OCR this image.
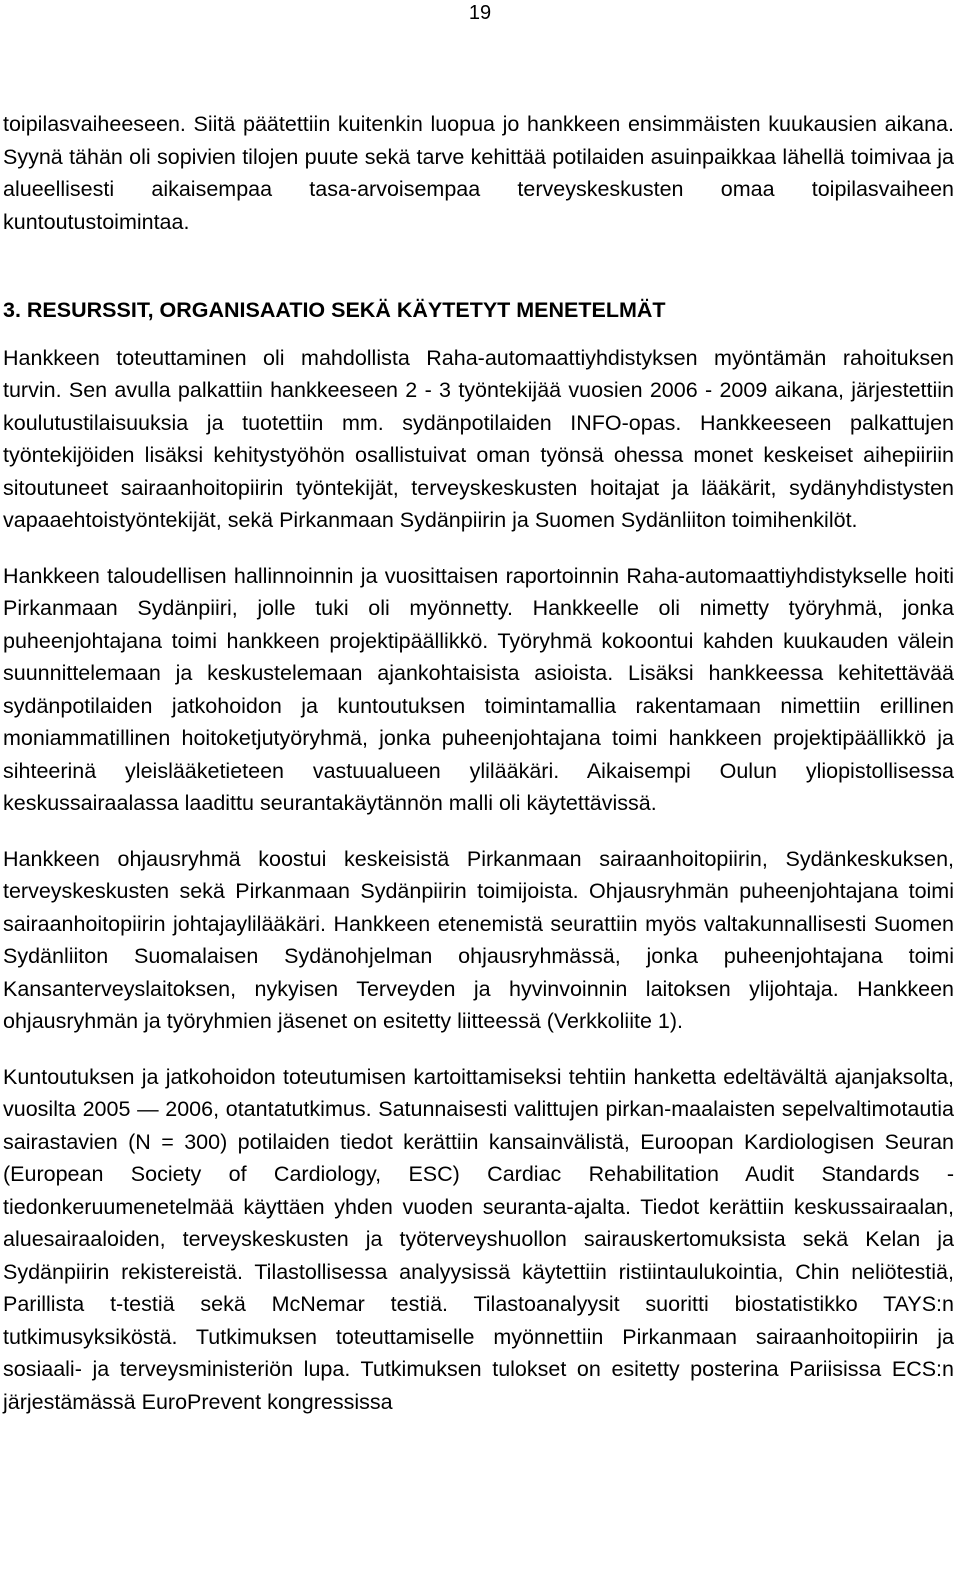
19

toipilasvaiheeseen. Siitä päätettiin kuitenkin luopua jo hankkeen ensimmäisten kuukausien aikana. Syynä tähän oli sopivien tilojen puute sekä tarve kehittää potilaiden asuinpaikkaa lähellä toimivaa ja alueellisesti aikaisempaa tasa-arvoisempaa terveyskeskusten omaa toipilasvaiheen kuntoutustoimintaa.

3. RESURSSIT, ORGANISAATIO SEKÄ KÄYTETYT MENETELMÄT

Hankkeen toteuttaminen oli mahdollista Raha-automaattiyhdistyksen myöntämän rahoituksen turvin. Sen avulla palkattiin hankkeeseen 2 - 3 työntekijää vuosien 2006 - 2009 aikana, järjestettiin koulutustilaisuuksia ja tuotettiin mm. sydänpotilaiden INFO-opas. Hankkeeseen palkattujen työntekijöiden lisäksi kehitystyöhön osallistuivat oman työnsä ohessa monet keskeiset aihepiiriin sitoutuneet sairaanhoitopiirin työntekijät, terveyskeskusten hoitajat ja lääkärit, sydänyhdistysten vapaaehtoistyöntekijät, sekä Pirkanmaan Sydänpiirin ja Suomen Sydänliiton toimihenkilöt.

Hankkeen taloudellisen hallinnoinnin ja vuosittaisen raportoinnin Raha-automaattiyhdistykselle hoiti Pirkanmaan Sydänpiiri, jolle tuki oli myönnetty. Hankkeelle oli nimetty työryhmä, jonka puheenjohtajana toimi hankkeen projektipäällikkö. Työryhmä kokoontui kahden kuukauden välein suunnittelemaan ja keskustelemaan ajankohtaisista asioista. Lisäksi hankkeessa kehitettävää sydänpotilaiden jatkohoidon ja kuntoutuksen toimintamallia rakentamaan nimettiin erillinen moniammatillinen hoitoketjutyöryhmä, jonka puheenjohtajana toimi hankkeen projektipäällikkö ja sihteerinä yleislääketieteen vastuualueen ylilääkäri. Aikaisempi Oulun yliopistollisessa keskussairaalassa laadittu seurantakäytännön malli oli käytettävissä.

Hankkeen ohjausryhmä koostui keskeisistä Pirkanmaan sairaanhoitopiirin, Sydänkeskuksen, terveyskeskusten sekä Pirkanmaan Sydänpiirin toimijoista. Ohjausryhmän puheenjohtajana toimi sairaanhoitopiirin johtajaylilääkäri. Hankkeen etenemistä seurattiin myös valtakunnallisesti Suomen Sydänliiton Suomalaisen Sydänohjelman ohjausryhmässä, jonka puheenjohtajana toimi Kansanterveyslaitoksen, nykyisen Terveyden ja hyvinvoinnin laitoksen ylijohtaja. Hankkeen ohjausryhmän ja työryhmien jäsenet on esitetty liitteessä (Verkkoliite 1).

Kuntoutuksen ja jatkohoidon toteutumisen kartoittamiseksi tehtiin hanketta edeltävältä ajanjaksolta, vuosilta 2005 — 2006, otantatutkimus. Satunnaisesti valittujen pirkan-maalaisten sepelvaltimotautia sairastavien (N = 300) potilaiden tiedot kerättiin kansainvälistä, Euroopan Kardiologisen Seuran (European Society of Cardiology, ESC) Cardiac Rehabilitation Audit Standards -tiedonkeruumenetelmää käyttäen yhden vuoden seuranta-ajalta. Tiedot kerättiin keskussairaalan, aluesairaaloiden, terveyskeskusten ja työterveyshuollon sairauskertomuksista sekä Kelan ja Sydänpiirin rekistereistä. Tilastollisessa analyysissä käytettiin ristiintaulukointia, Chin neliötestiä, Parillista t-testiä sekä McNemar testiä. Tilastoanalyysit suoritti biostatistikko TAYS:n tutkimusyksiköstä. Tutkimuksen toteuttamiselle myönnettiin Pirkanmaan sairaanhoitopiirin ja sosiaali- ja terveysministeriön lupa. Tutkimuksen tulokset on esitetty posterina Pariisissa ECS:n järjestämässä EuroPrevent kongressissa
